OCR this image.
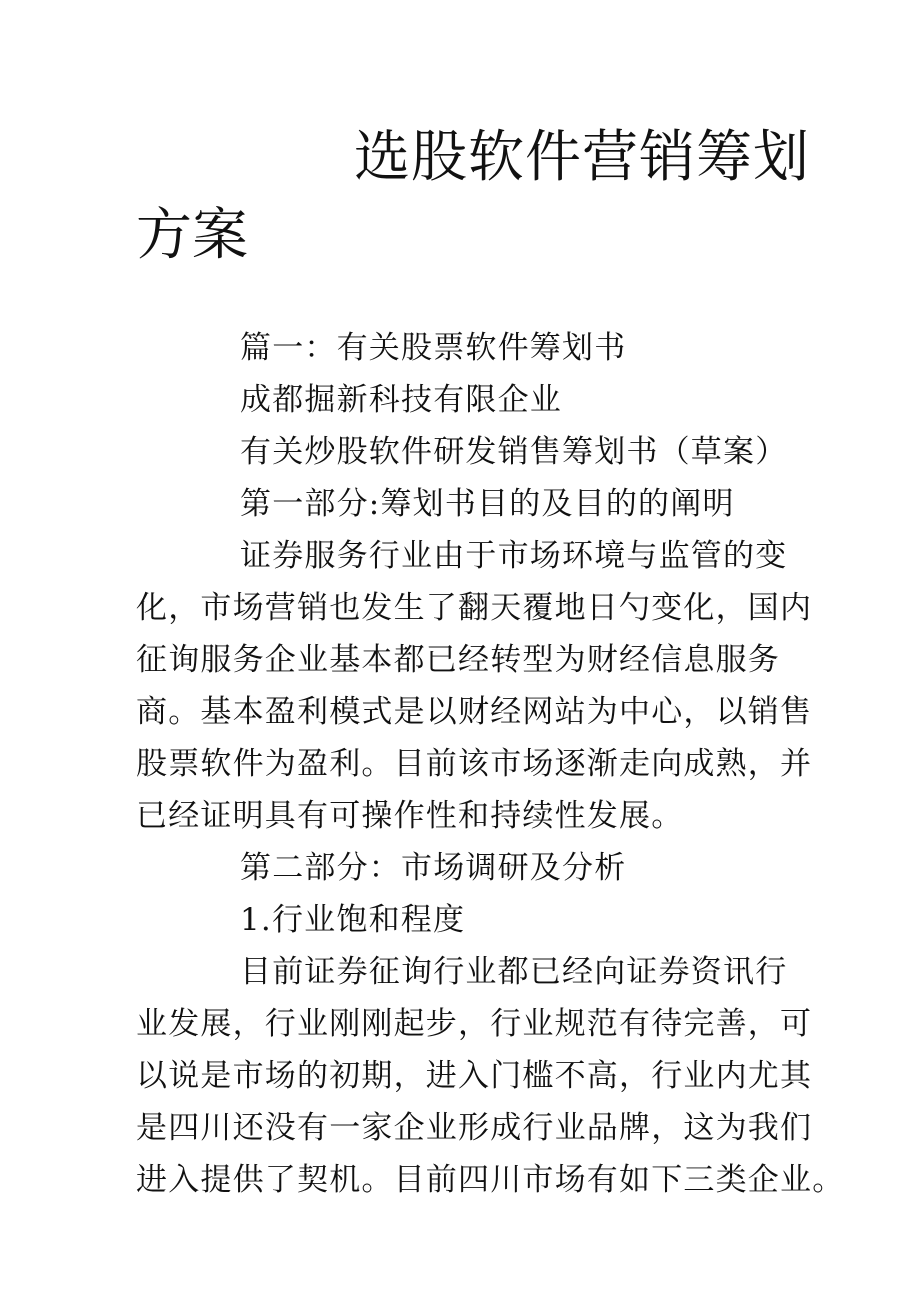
选股软件营销筹划
方案
篇一：有关股票软件筹划书
成都掘新科技有限企业
有关炒股软件研发销售筹划书（草案）
第一部分:筹划书目的及目的的阐明
证券服务行业由于市场环境与监管的变
化，市场营销也发生了翻天覆地日勺变化，国内
征询服务企业基本都已经转型为财经信息服务
商。基本盈利模式是以财经网站为中心，以销售
股票软件为盈利。目前该市场逐渐走向成熟，并
已经证明具有可操作性和持续性发展。
第二部分：市场调研及分析
1.行业饱和程度
目前证券征询行业都已经向证券资讯行
业发展，行业刚刚起步，行业规范有待完善，可
以说是市场的初期，进入门槛不高，行业内尤其
是四川还没有一家企业形成行业品牌，这为我们
进入提供了契机。目前四川市场有如下三类企业。
